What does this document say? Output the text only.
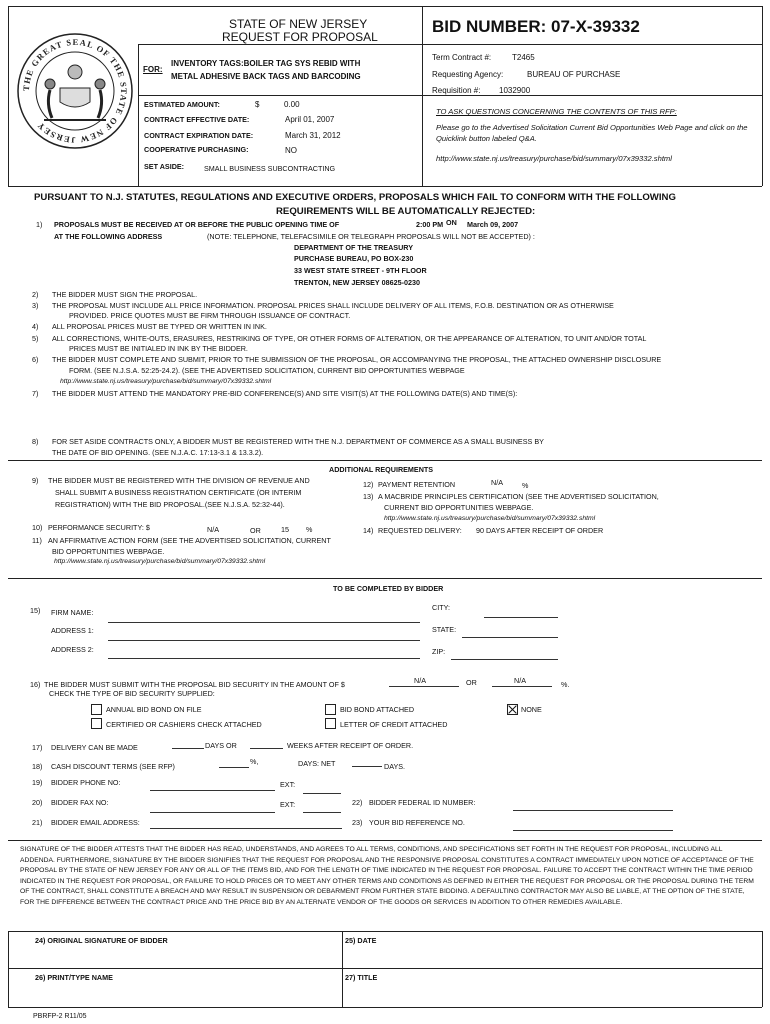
THE GREAT SEAL OF THE STATE OF NEW JERSEY
STATE OF NEW JERSEY
REQUEST FOR PROPOSAL
BID NUMBER: 07-X-39332
FOR:
INVENTORY TAGS:BOILER TAG SYS REBID WITH
METAL ADHESIVE BACK TAGS AND BARCODING
Term Contract #:	T2465
Requesting Agency:	BUREAU OF PURCHASE
Requisition #: 1032900
ESTIMATED AMOUNT:	$	0.00
CONTRACT EFFECTIVE DATE:	April 01, 2007
CONTRACT EXPIRATION DATE:	March 31, 2012
COOPERATIVE PURCHASING:	NO
SET ASIDE:	SMALL BUSINESS SUBCONTRACTING
TO ASK QUESTIONS CONCERNING THE CONTENTS OF THIS RFP:
Please go to the Advertised Solicitation Current Bid Opportunities Web Page and click on the Quicklink button labeled Q&A.
http://www.state.nj.us/treasury/purchase/bid/summary/07x39332.shtml
PURSUANT TO N.J. STATUTES, REGULATIONS AND EXECUTIVE ORDERS, PROPOSALS WHICH FAIL TO CONFORM WITH THE FOLLOWING
REQUIREMENTS WILL BE AUTOMATICALLY REJECTED:
1) PROPOSALS MUST BE RECEIVED AT OR BEFORE THE PUBLIC OPENING TIME OF	2:00 PM ON March 09, 2007
AT THE FOLLOWING ADDRESS	(NOTE: TELEPHONE, TELEFACSIMILE OR TELEGRAPH PROPOSALS WILL NOT BE ACCEPTED) :
DEPARTMENT OF THE TREASURY
PURCHASE BUREAU, PO BOX-230
33 WEST STATE STREET - 9TH FLOOR
TRENTON, NEW JERSEY 08625-0230
2) THE BIDDER MUST SIGN THE PROPOSAL.
3) THE PROPOSAL MUST INCLUDE ALL PRICE INFORMATION. PROPOSAL PRICES SHALL INCLUDE DELIVERY OF ALL ITEMS, F.O.B. DESTINATION OR AS OTHERWISE
PROVIDED. PRICE QUOTES MUST BE FIRM THROUGH ISSUANCE OF CONTRACT.
4) ALL PROPOSAL PRICES MUST BE TYPED OR WRITTEN IN INK.
5) ALL CORRECTIONS, WHITE-OUTS, ERASURES, RESTRIKING OF TYPE, OR OTHER FORMS OF ALTERATION, OR THE APPEARANCE OF ALTERATION, TO UNIT AND/OR TOTAL
PRICES MUST BE INITIALED IN INK BY THE BIDDER.
6) THE BIDDER MUST COMPLETE AND SUBMIT, PRIOR TO THE SUBMISSION OF THE PROPOSAL, OR ACCOMPANYING THE PROPOSAL, THE ATTACHED OWNERSHIP DISCLOSURE
FORM. (SEE N.J.S.A. 52:25-24.2). (SEE THE ADVERTISED SOLICITATION, CURRENT BID OPPORTUNITIES WEBPAGE
http://www.state.nj.us/treasury/purchase/bid/summary/07x39332.shtml
7) THE BIDDER MUST ATTEND THE MANDATORY PRE-BID CONFERENCE(S) AND SITE VISIT(S) AT THE FOLLOWING DATE(S) AND TIME(S):
8) FOR SET ASIDE CONTRACTS ONLY, A BIDDER MUST BE REGISTERED WITH THE N.J. DEPARTMENT OF COMMERCE AS A SMALL BUSINESS BY
THE DATE OF BID OPENING. (SEE N.J.A.C. 17:13-3.1 & 13.3.2).
ADDITIONAL REQUIREMENTS
9) THE BIDDER MUST BE REGISTERED WITH THE DIVISION OF REVENUE AND
SHALL SUBMIT A BUSINESS REGISTRATION CERTIFICATE (OR INTERIM
REGISTRATION) WITH THE BID PROPOSAL.(SEE N.J.S.A. 52:32-44).
10) PERFORMANCE SECURITY: $	N/A	OR	15 %
11) AN AFFIRMATIVE ACTION FORM (SEE THE ADVERTISED SOLICITATION, CURRENT
BID OPPORTUNITIES WEBPAGE.
http://www.state.nj.us/treasury/purchase/bid/summary/07x39332.shtml
12) PAYMENT RETENTION	N/A	%
13) A MACBRIDE PRINCIPLES CERTIFICATION (SEE THE ADVERTISED SOLICITATION,
CURRENT BID OPPORTUNITIES WEBPAGE.
http://www.state.nj.us/treasury/purchase/bid/summary/07x39332.shtml
14) REQUESTED DELIVERY: 90 DAYS AFTER RECEIPT OF ORDER
TO BE COMPLETED BY BIDDER
15) FIRM NAME:
CITY:
ADDRESS 1:	STATE:
ADDRESS 2:	ZIP:
16) THE BIDDER MUST SUBMIT WITH THE PROPOSAL BID SECURITY IN THE AMOUNT OF $	N/A	OR	N/A	%.
CHECK THE TYPE OF BID SECURITY SUPPLIED:
ANNUAL BID BOND ON FILE	BID BOND ATTACHED	NONE
CERTIFIED OR CASHIERS CHECK ATTACHED	LETTER OF CREDIT ATTACHED
17) DELIVERY CAN BE MADE	DAYS OR	WEEKS AFTER RECEIPT OF ORDER.
18) CASH DISCOUNT TERMS (SEE RFP)
%,	DAYS: NET	DAYS.
19) BIDDER PHONE NO:	EXT:
20) BIDDER FAX NO:	EXT:	22) BIDDER FEDERAL ID NUMBER:
21) BIDDER EMAIL ADDRESS:	23) YOUR BID REFERENCE NO.
SIGNATURE OF THE BIDDER ATTESTS THAT THE BIDDER HAS READ, UNDERSTANDS, AND AGREES TO ALL TERMS, CONDITIONS, AND SPECIFICATIONS SET FORTH IN THE REQUEST FOR PROPOSAL, INCLUDING ALL ADDENDA. FURTHERMORE, SIGNATURE BY THE BIDDER SIGNIFIES THAT THE REQUEST FOR PROPOSAL AND THE RESPONSIVE PROPOSAL CONSTITUTES A CONTRACT IMMEDIATELY UPON NOTICE OF ACCEPTANCE OF THE PROPOSAL BY THE STATE OF NEW JERSEY FOR ANY OR ALL OF THE ITEMS BID, AND FOR THE LENGTH OF TIME INDICATED IN THE REQUEST FOR PROPOSAL. FAILURE TO ACCEPT THE CONTRACT WITHIN THE TIME PERIOD INDICATED IN THE REQUEST FOR PROPOSAL, OR FAILURE TO HOLD PRICES OR TO MEET ANY OTHER TERMS AND CONDITIONS AS DEFINED IN EITHER THE REQUEST FOR PROPOSAL OR THE PROPOSAL DURING THE TERM OF THE CONTRACT, SHALL CONSTITUTE A BREACH AND MAY RESULT IN SUSPENSION OR DEBARMENT FROM FURTHER STATE BIDDING. A DEFAULTING CONTRACTOR MAY ALSO BE LIABLE, AT THE OPTION OF THE STATE, FOR THE DIFFERENCE BETWEEN THE CONTRACT PRICE AND THE PRICE BID BY AN ALTERNATE VENDOR OF THE GOODS OR SERVICES IN ADDITION TO OTHER REMEDIES AVAILABLE.
24) ORIGINAL SIGNATURE OF BIDDER	25) DATE
26) PRINT/TYPE NAME	27) TITLE
PBRFP-2 R11/05
